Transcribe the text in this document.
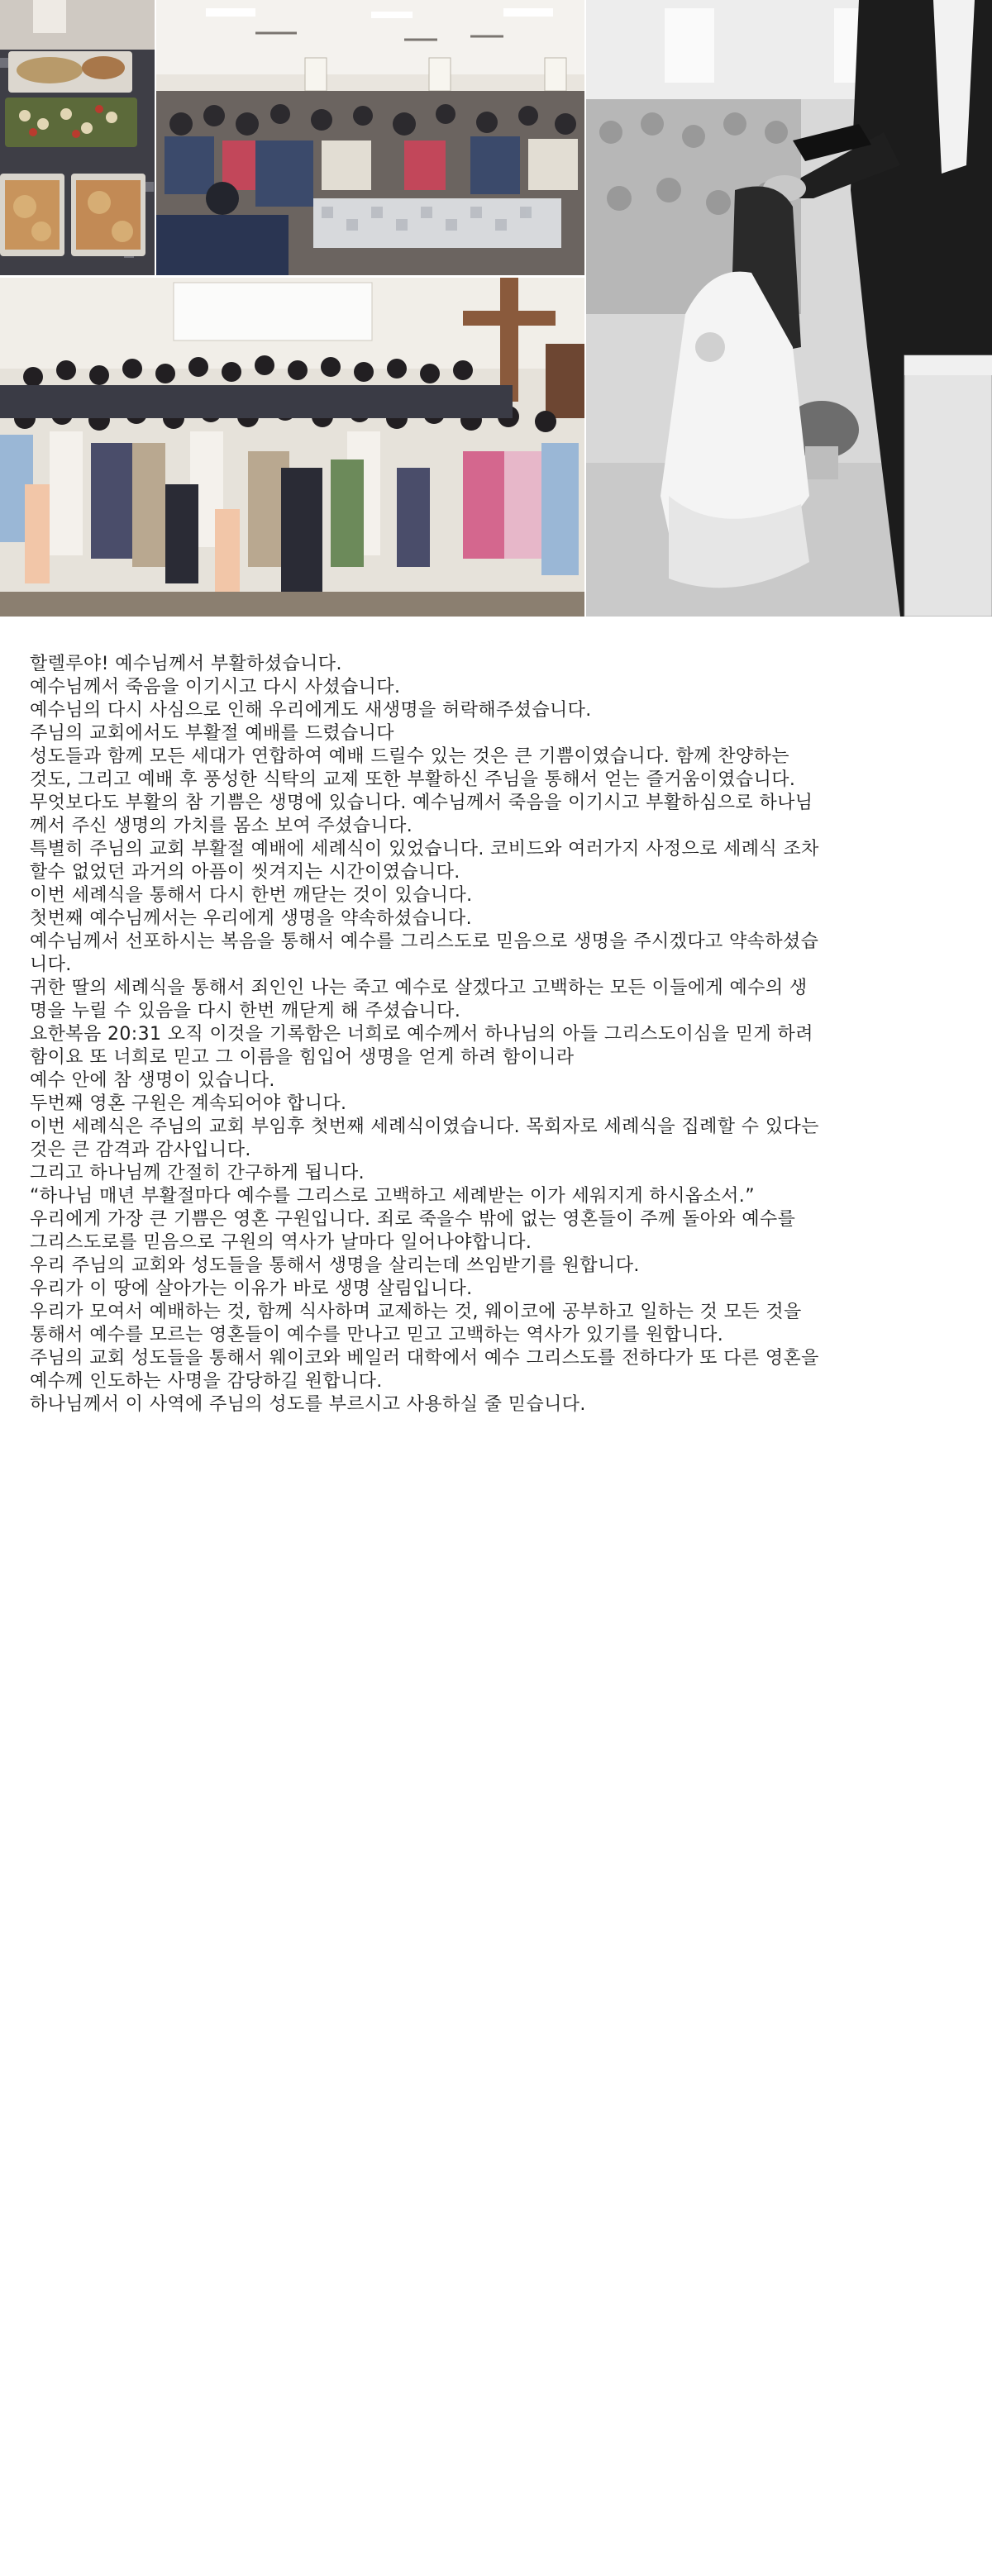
할렐루야! 예수님께서 부활하셨습니다.
예수님께서 죽음을 이기시고 다시 사셨습니다.
예수님의 다시 사심으로 인해 우리에게도 새생명을 허락해주셨습니다.

주님의 교회에서도 부활절 예배를 드렸습니다
성도들과 함께 모든 세대가 연합하여 예배 드릴수 있는 것은 큰 기쁨이였습니다. 함께 찬양하는
것도, 그리고 예배 후 풍성한 식탁의 교제 또한 부활하신 주님을 통해서 얻는 즐거움이였습니다.

무엇보다도 부활의 참 기쁨은 생명에 있습니다. 예수님께서 죽음을 이기시고 부활하심으로 하나님
께서 주신 생명의 가치를 몸소 보여 주셨습니다.

특별히 주님의 교회 부활절 예배에 세례식이 있었습니다. 코비드와 여러가지 사정으로 세례식 조차
할수 없었던 과거의 아픔이 씻겨지는 시간이였습니다.

이번 세례식을 통해서 다시 한번 깨닫는 것이 있습니다.

첫번째 예수님께서는 우리에게 생명을 약속하셨습니다.
예수님께서 선포하시는 복음을 통해서 예수를 그리스도로 믿음으로 생명을 주시겠다고 약속하셨습
니다.

귀한 딸의 세례식을 통해서 죄인인 나는 죽고 예수로 살겠다고 고백하는 모든 이들에게 예수의 생
명을 누릴 수 있음을 다시 한번 깨닫게 해 주셨습니다.

요한복음 20:31 오직 이것을 기록함은 너희로 예수께서 하나님의 아들 그리스도이심을 믿게 하려
함이요 또 너희로 믿고 그 이름을 힘입어 생명을 얻게 하려 함이니라

예수 안에 참 생명이 있습니다.

두번째 영혼 구원은 계속되어야 합니다.
이번 세례식은 주님의 교회 부임후 첫번째 세례식이였습니다. 목회자로 세례식을 집례할 수 있다는
것은 큰 감격과 감사입니다.
그리고 하나님께 간절히 간구하게 됩니다.
“하나님 매년 부활절마다 예수를 그리스로 고백하고 세례받는 이가 세워지게 하시옵소서.”

우리에게 가장 큰 기쁨은 영혼 구원입니다. 죄로 죽을수 밖에 없는 영혼들이 주께 돌아와 예수를
그리스도로를 믿음으로 구원의 역사가 날마다 일어나야합니다.
우리 주님의 교회와 성도들을 통해서 생명을 살리는데 쓰임받기를 원합니다.
우리가 이 땅에 살아가는 이유가 바로 생명 살림입니다.
우리가 모여서 예배하는 것, 함께 식사하며 교제하는 것, 웨이코에 공부하고 일하는 것 모든 것을
통해서 예수를 모르는 영혼들이 예수를 만나고 믿고 고백하는 역사가 있기를 원합니다.
주님의 교회 성도들을 통해서 웨이코와 베일러 대학에서 예수 그리스도를 전하다가 또 다른 영혼을
예수께 인도하는 사명을 감당하길 원합니다.

하나님께서 이 사역에 주님의 성도를 부르시고 사용하실 줄 믿습니다.
